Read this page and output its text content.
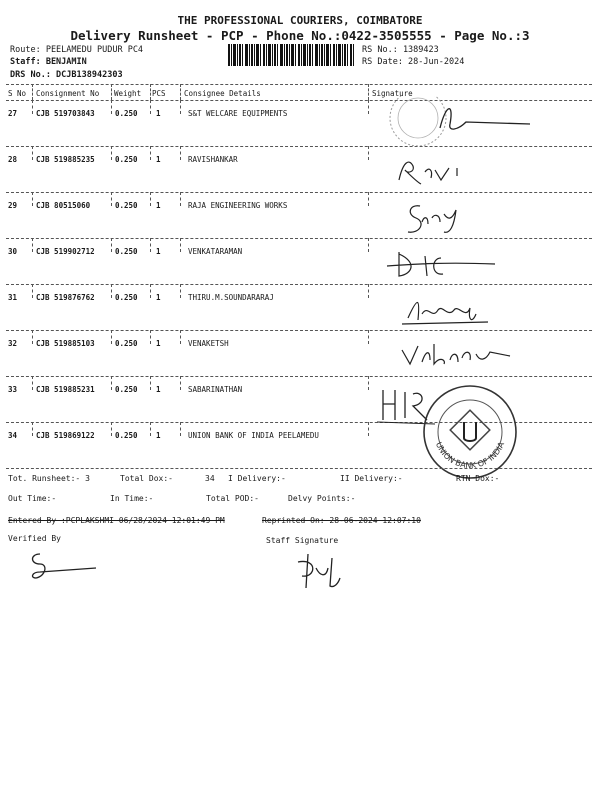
THE PROFESSIONAL COURIERS, COIMBATORE
Delivery Runsheet - PCP - Phone No.:0422-3505555 - Page No.:3
Route: PEELAMEDU PUDUR PC4
Staff: BENJAMIN
DRS No.: DCJB138942303
RS No.: 1389423
RS Date: 28-Jun-2024
S No Consignment No Weight PCS Consignee Details	Signature
27	CJB 519703843	0.250 1	S&T WELCARE EQUIPMENTS
28	CJB 519885235	0.250 1	RAVISHANKAR
29	CJB 80515060	0.250 1	RAJA ENGINEERING WORKS
30	CJB 519902712	0.250 1	VENKATARAMAN
31	CJB 519876762	0.250 1	THIRU.M.SOUNDARARAJ
32	CJB 519885103	0.250 1	VENAKETSH
33	CJB 519885231	0.250 1	SABARINATHAN
34	CJB 519869122	0.250 1	UNION BANK OF INDIA PEELAMEDU
UNION BANK OF INDIA
Tot. Runsheet:- 3	Total Dox:-	34 I Delivery:-	II Delivery:-	RTN Dox:-
Out Time:-	In Time:-	Total POD:-	Delvy Points:-
Entered By :PCPLAKSHMI 06/28/2024 12:01:49 PM	Reprinted On: 28-06-2024 12:07:10
Verified By	Staff Signature
